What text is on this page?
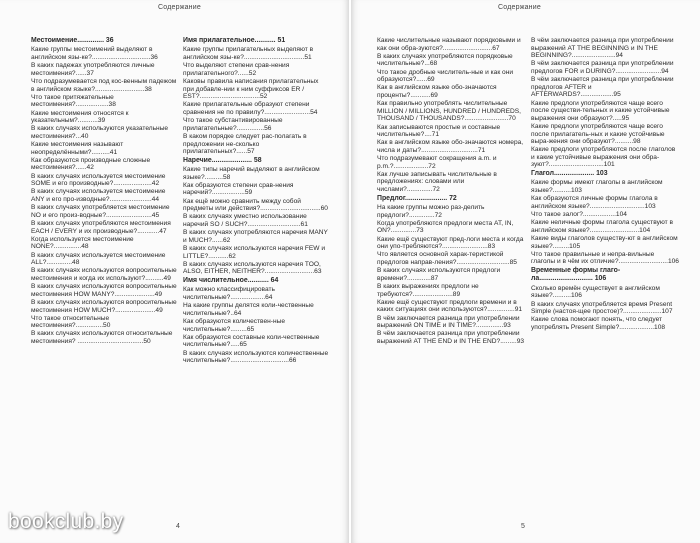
Содержание
Местоимение.............. 36
Какие группы местоимений выделяют в английском язы-ке?................................36
В каких падежах употребляются личные местоимения?......37
Что подразумевается под кос-венным падежом в английском языке?...........................38
Что такое притяжательные местоимения?..................38
Какие местоимения относятся к указательным?...........39
В каких случаях используются указательные местоимения?...40
Какие местоимения называют неопределёнными?..........41
Как образуются производные сложные местоимения?......42
В каких случаях используется местоимение SOME и его производные?.....................42
В каких случаях используется местоимение ANY и его про-изводные?.......................44
В каких случаях употребляется местоимение NO и его произ-водные?.........................45
В каких случаях употребляются местоимения EACH / EVERY и их производные?............47
Когда используется местоимение NONE?...............48
В каких случаях используется местоимение ALL?..............48
В каких случаях используются вопросительные местоимения и когда их используют?..........49
В каких случаях используются вопросительные местоимения HOW MANY?......................49
В каких случаях используются вопросительные местоимения HOW MUCH?......................49
Что такое относительные местоимения?...............50
В каких случаях используются относительные местоимения? ....................................50
Имя прилагательное........... 51
Какие группы прилагательных выделяют в английском язы-ке?.................................51
Что выделяют степени срав-нения прилагательного?......52
Каковы правила написания прилагательных при добавле-нии к ним суффиксов ER / EST?.................................52
Какие прилагательные образуют степени сравнения не по правилу?.........................54
Что такое субстантивированные прилагательные?...............56
В каком порядке следует рас-полагать в предложении не-сколько прилагательных?......57
Наречие..................... 58
Какие типы наречий выделяют в английском языке?..........58
Как образуются степени срав-нения наречий?..................59
Как ещё можно сравнить между собой предметы или действия?.................................60
В каких случаях уместно использование наречий SO / SUCH?.............................61
В каких случаях употребляются наречия MANY и MUCH?......62
В каких случаях используются наречия FEW и LITTLE?...........62
В каких случаях используются наречия TOO, ALSO, EITHER, NEITHER?...........................63
Имя числительное........... 64
Как можно классифицировать числительные?...................64
На какие группы делятся коли-чественные числительные?..64
Как образуются количествен-ные числительные?.........65
Как образуются составные коли-чественные числительные?.....65
В каких случаях используются количественные числительные?................................66
4
Содержание
Какие числительные называют порядковыми и как они обра-зуются?...........................67
В каких случаях употребляются порядковые числительные?...68
Что такое дробные числитель-ные и как они образуются?......69
Как в английском языке обо-значаются проценты?...........69
Как правильно употреблять числительные MILLION / MILLIONS, HUNDRED / HUNDREDS, THOUSAND / THOUSANDS?........................70
Как записываются простые и составные числительные?....71
Как в английском языке обо-значаются номера, числа и даты?...............................71
Что подразумевают сокращения a.m. и p.m.?...................72
Как лучше записывать числительные в предложениях: словами или числами?..............72
Предлог...................... 72
На какие группы можно раз-делить предлоги?..............72
Когда употребляются предлоги места AT, IN, ON?..............73
Какие ещё существуют пред-логи места и когда они упо-требляются?.........................83
Что является основной харак-теристикой предлогов направ-ления?.............................85
В каких случаях используются предлоги времени?.............87
В каких выражениях предлоги не требуются?......................89
Какие ещё существуют предлоги времени и в каких ситуациях они используются?...............91
В чём заключается разница при употреблении выражений ON TIME и IN TIME?...............93
В чём заключается разница при употреблении выражений AT THE END и IN THE END?.........93
В чём заключается разница при употреблении выражений AT THE BEGINNING и IN THE BEGINNING?........................94
В чём заключается разница при употреблении предлогов FOR и DURING?.........................94
В чём заключается разница при употреблении предлогов AFTER и AFTERWARDS?..................95
Какие предлоги употребляются чаще всего после существи-тельных и какие устойчивые выражения они образуют?.....95
Какие предлоги употребляются чаще всего после прилагатель-ных и какие устойчивые выра-жения они образуют?..........98
Какие предлоги употребляются после глаголов и какие устойчивые выражения они обра-зуют?..............................101
Глагол..................... 103
Какие формы имеют глаголы в английском языке?..........103
Как образуются личные формы глагола в английском языке?..............................103
Что такое залог?..................104
Какие неличные формы глагола существуют в английском языке?...........................104
Какие виды глаголов существу-ют в английском языке?.........105
Что такое правильные и непра-вильные глаголы и в чём их отличие?...........................106
Временные формы глаго-ла............................ 106
Сколько времён существует в английском языке?..........106
В каких случаях употребляется время Present Simple (настоя-щее простое)?.....................107
Какие слова помогают понять, что следует употреблять Present Simple?...................108
5
bookclub.by
